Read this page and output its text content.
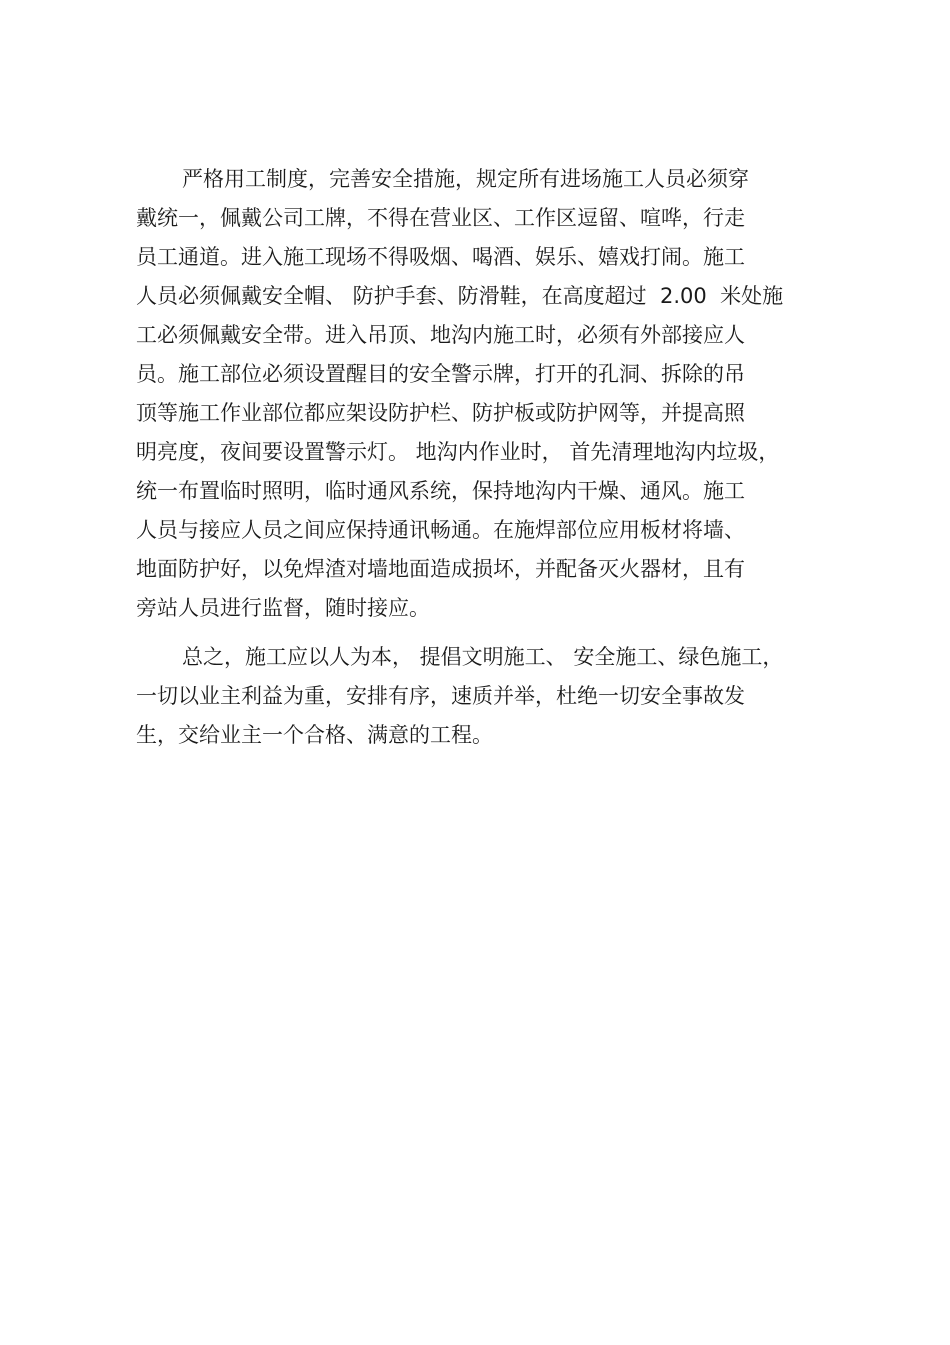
严格用工制度，完善安全措施，规定所有进场施工人员必须穿
戴统一，佩戴公司工牌，不得在营业区、工作区逗留、喧哗，行走
员工通道。进入施工现场不得吸烟、喝酒、娱乐、嬉戏打闹。施工
人员必须佩戴安全帽、 防护手套、防滑鞋，在高度超过  2.00  米处施
工必须佩戴安全带。进入吊顶、地沟内施工时，必须有外部接应人
员。施工部位必须设置醒目的安全警示牌，打开的孔洞、拆除的吊
顶等施工作业部位都应架设防护栏、防护板或防护网等，并提高照
明亮度，夜间要设置警示灯。 地沟内作业时， 首先清理地沟内垃圾，
统一布置临时照明，临时通风系统，保持地沟内干燥、通风。施工
人员与接应人员之间应保持通讯畅通。在施焊部位应用板材将墙、
地面防护好，以免焊渣对墙地面造成损坏，并配备灭火器材，且有
旁站人员进行监督，随时接应。
总之，施工应以人为本， 提倡文明施工、 安全施工、绿色施工，
一切以业主利益为重，安排有序，速质并举，杜绝一切安全事故发
生，交给业主一个合格、满意的工程。
